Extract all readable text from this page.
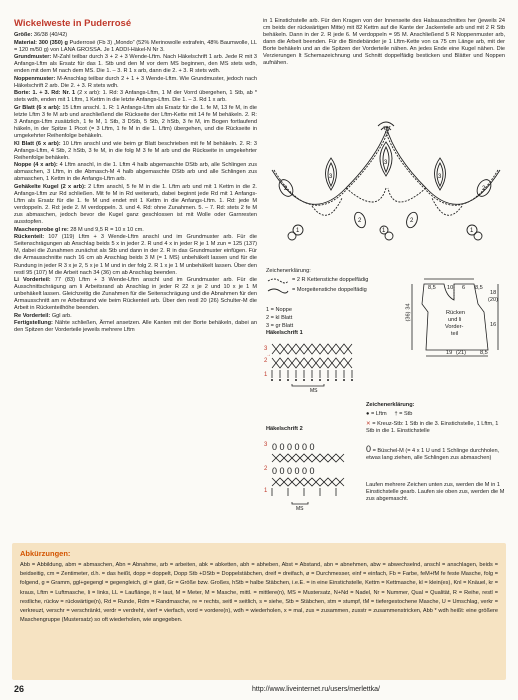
Wickelweste in Puderrosé
Größe: 36/38 (40/42)
Material: 300 (350) g Puderrosé (Fb 3) „Mondo“ (52% Merinowolle extrafein, 48% Baumwolle, LL = 120 m/50 g) von LANA GROSSA. Je 1 ADDI-Häkel-N Nr 3.
Grundmuster: M-Zahl teilbar durch 3 + 2 + 3 Wende-Lftm. Nach Häkelschrift 1 arb. Jede R mit 3 Anfangs-Lftm als Ersatz für das 1. Stb und den M vor dem MS beginnen, den MS stets wdh, enden mit dem M nach dem MS. Die 1. – 3. R 1 x arb, dann die 2. + 3. R stets wdh.
Noppenmuster: M-Anschlag teilbar durch 2 + 1 + 3 Wende-Lftm. Wie Grundmuster, jedoch nach Häkelschrift 2 arb. Die 2. + 3. R stets wdh.
Borte: 1. + 3. Rd: Nr. 1 (2 x arb): 1. Rd: 3 Anfangs-Lftm, 1 M der Vorrd übergehen, 1 Stb, ab * stets wdh, enden mit 1 Lftm, 1 Kettm in die letzte Anfangs-Lftm. Die 1. – 3. Rd 1 x arb.
Gr Blatt (6 x arb): 15 Lftm anschl. 1. R: 1 Anfangs-Lftm als Ersatz für die 1. fe M, 13 fe M, in die letzte Lftm 3 fe M arb und anschließend die Rückseite der Lftm-Kette mit 14 fe M behäkeln. 2. R: 3 Anfangs-Lftm zusätzlich, 1 fe M, 1 Stb, 3 DStb, 5 Stb, 2 hStb, 3 fe M, im Bogen fortlaufend häkeln, in der Spitze 1 Picot (= 3 Lftm, 1 fe M in die 1. Lftm) übergehen, und die Rückseite in umgekehrter Reihenfolge behäkeln.
Kl Blatt (6 x arb): 10 Lftm anschl und wie beim gr Blatt beschrieben mit fe M behäkeln. 2. R: 3 Anfangs-Lftm, 4 Stb, 2 hStb, 3 fe M, in die folg M 3 fe M arb und die Rückseite in umgekehrter Reihenfolge behäkeln.
Noppe (4 x arb): 4 Lftm anschl, in die 1. Lftm 4 halb abgemaschte DStb arb, alle Schlingen zus abmaschen, 3 Lftm, in die Abmasch-M 4 halb abgemaschte DStb arb und alle Schlingen zus abmaschen, 1 Kettm in die Anfangs-Lftm arb.
Gehäkelte Kugel (2 x arb): 2 Lftm anschl, 5 fe M in die 1. Lftm arb und mit 1 Kettm in die 2. Anfangs-Lftm zur Rd schließen. Mit fe M in Rd weiterarb, dabei beginnt jede Rd mit 1 Anfangs-Lftm als Ersatz für die 1. fe M und endet mit 1 Kettm in die Anfangs-Lftm. 1. Rd: jede M verdoppeln. 2. Rd: jede 2. M verdoppeln. 3. und 4. Rd: ohne Zunahmen. 5. – 7. Rd: stets 2 fe M zus abmaschen, jedoch bevor die Kugel ganz geschlossen ist mit Wolle oder Garnresten ausstopfen.
Maschenprobe gl re: 28 M und 9,5 R = 10 x 10 cm.
Rückenteil: 107 (119) Lftm + 3 Wende-Lftm anschl und im Grundmuster arb. Für die Seitenschrägungen ab Anschlag beids 5 x in jeder 2. R und 4 x in jeder R je 1 M zun = 125 (137) M, dabei die Zunahmen zunächst als Stb und dann in der 2. R in das Grundmuster einfügen. Für die Armausschnitte nach 16 cm ab Anschlag beids 3 M (= 1 MS) unbehäkelt lassen und für die Rundung in jeder R 3 x je 2, 5 x je 1 M und in der folg 2. R 1 x je 1 M unbehäkelt lassen. Über den restl 95 (107) M die Arbeit nach 34 (36) cm ab Anschlag beenden.
Li Vorderteil: 77 (83) Lftm + 3 Wende-Lftm anschl und im Grundmuster arb. Für die Ausschnittschrägung am li Arbeitsrand ab Anschlag in jeder R 22 x je 2 und 10 x je 1 M unbehäkelt lassen. Gleichzeitig die Zunahmen für die Seitenschrägung und die Abnahmen für den Armausschnitt am re Arbeitsrand wie beim Rückenteil arb. Über den restl 20 (26) Schulter-M die Arbeit in Rückenteilhöhe beenden.
Re Vorderteil: Ggl arb.
Fertigstellung: Nähte schließen, Ärmel ansetzen. Alle Kanten mit der Borte behäkeln, dabei an den Spitzen der Vorderteile jeweils mehrere Lftm
in 1 Einstichstelle arb. Für den Kragen von der Innenseite des Halsausschnittes her (jeweils 24 cm beids der rückwärtigen Mitte) mit 82 Kettm auf die Kante der Jackenteile arb und mit 2 R Stb behäkeln. Dann in der 2. R jede 6. M verdoppeln = 95 M. Anschließend 5 R Noppenmuster arb, dann die Arbeit beenden. Für die Bindebänder je 1 Lftm-Kette von ca 75 cm Länge arb, mit der Borte behäkeln und an die Spitzen der Vorderteile nähen. An jedes Ende eine Kugel nähen. Die Verzierungen lt Schemazeichnung und Schnitt doppelfädig besticken und Blätter und Noppen aufnähen.
3
3
3
2	2
2	2
1	1
1
Zeichenerklärung:
= 2 R Kettenstiche doppelfädig
= Morgeitenstiche doppelfädig
1 = Noppe
2 = kl Blatt
3 = gr Blatt
8,5 10 6 8,5
34
(36)
18
(20)
16
Rücken
und li
Vorder-
teil
19 (21)	8,5
Häkelschrift 1
3
2
1
→
MS
Häkelschrift 2
3
2
1
0 0 0 0 0 0
0 0 0 0 0 0
MS
Zeichenerklärung:
● = Lftm † = Stb
✕ = Kreuz-Stb: 1 Stb in die 3. Einstichstelle, 1 Lftm, 1 Stb in die 1. Einstichstelle
0 = Büschel-M (= 4 x 1 U und 1 Schlinge durchholen, etwas lang ziehen, alle Schlingen zus abmaschen)
Laufen mehrere Zeichen unten zus, werden die M in 1 Einstichstelle gearb. Laufen sie oben zus, werden die M zus abgemascht.
Abkürzungen:
Abb = Abbildung, abm = abmaschen, Abn = Abnahme, arb = arbeiten, abk = abketten, abh = abheben, Abst = Abstand, abn = abnehmen, abw = abwechselnd, anschl = anschlagen, beids = beidseitig, cm = Zentimeter, d.h. = das heißt, dopp = doppelt, Dopp Stb +DStb = Doppelstäbchen, dreif = dreifach, ø = Durchmesser, einf = einfach, Fb = Farbe, feM+fM fe feste Masche, folg = folgend, g = Gramm, ggl+gegengl = gegengleich, gl = glatt, Gr = Größe bzw. Großes, hStb = halbe Stäbchen, i.e.E. = in eine Einstichstelle, Kettm = Kettmasche, kl = klein(es), Knl = Knäuel, kr = kraus, Lftm = Luftmasche, li = links, LL = Lauflänge, lt = laut, M = Meter, M = Masche, mittl. = mittlere(n), MS = Mustersatz, N+Nd = Nadel, Nr = Nummer, Qual = Qualität, R = Reihe, restl = restliche, rückw = rückwärtige(n), Rd = Runde, Rdm = Randmasche, re = rechts, seitl = seitlich, s = siehe, Stb = Stäbchen, stm = stumpf, tM = tiefergestochene Masche, U = Umschlag, verkr = verkreuzt, verschr = verschränkt, verdr = verdreht, vierf = vierfach, vord = vordere(n), wdh = wiederholen, x = mal, zus = zusammen, zusstr = zusammenstricken, Abb * wdh heißt: eine größere Maschengruppe (Mustersatz) so oft wiederholen, wie angegeben.
26	http://www.liveinternet.ru/users/merlettka/
